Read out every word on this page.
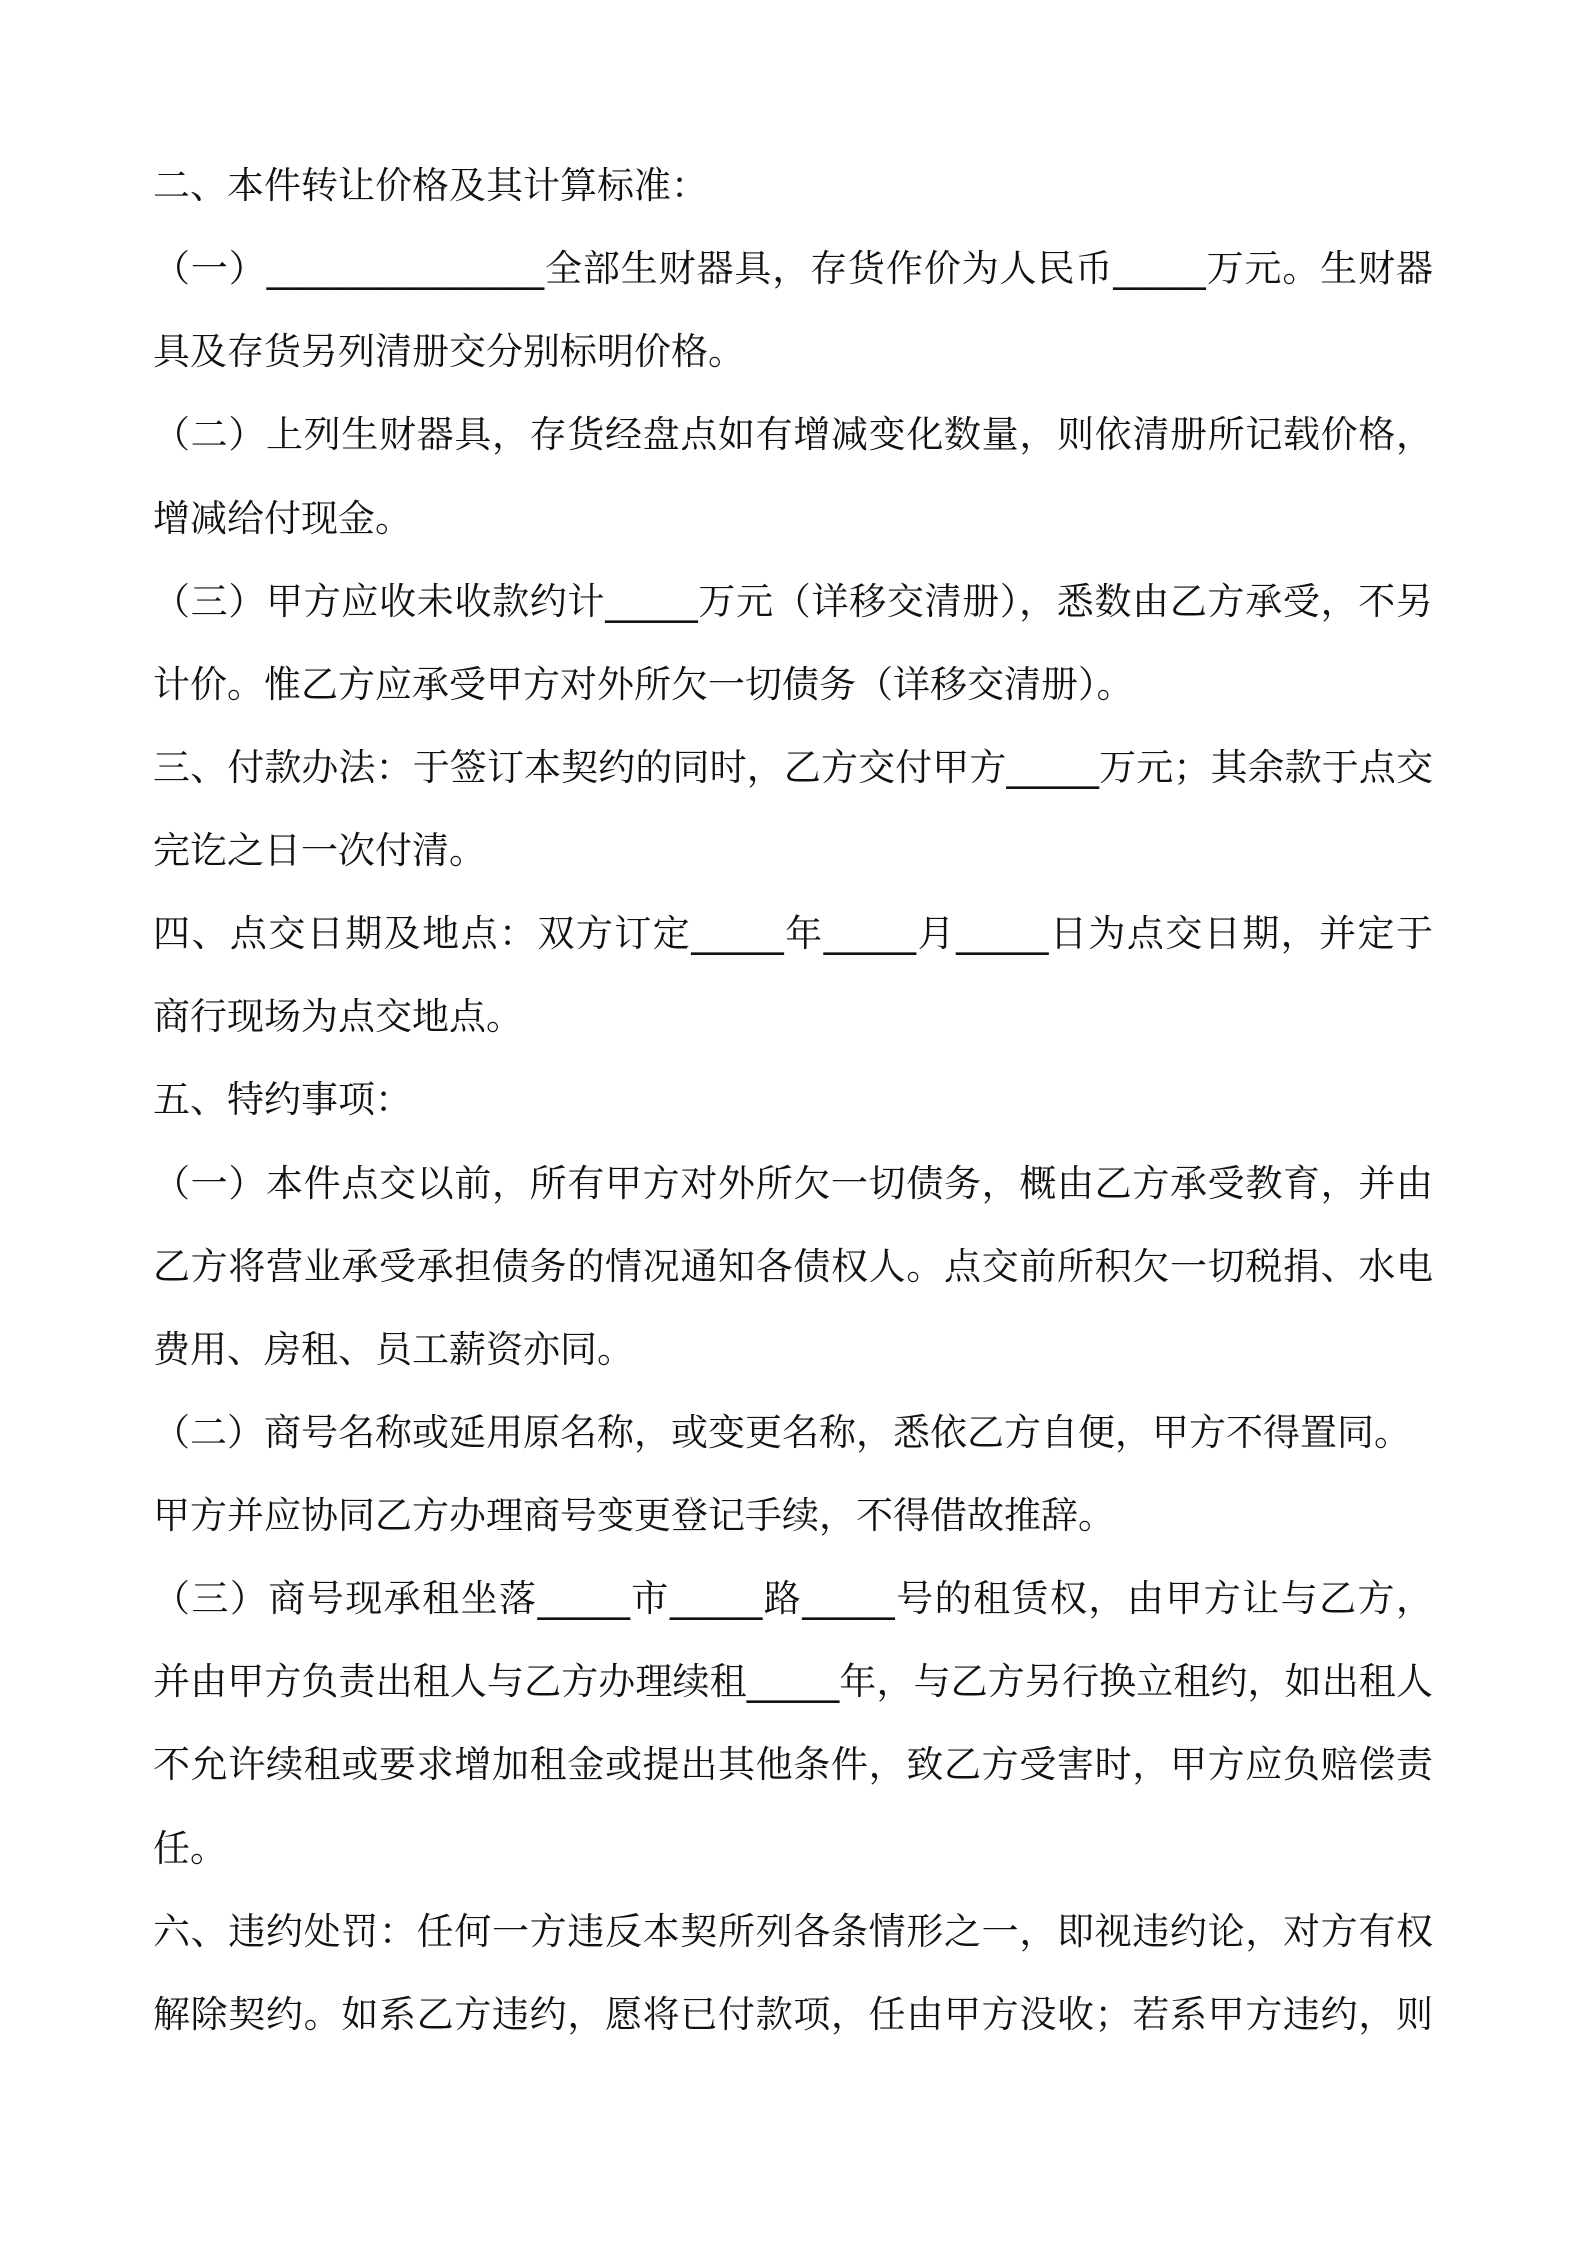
二、本件转让价格及其计算标准：
（一）_______________全部生财器具，存货作价为人民币_____万元。生财器
具及存货另列清册交分别标明价格。
（二）上列生财器具，存货经盘点如有增减变化数量，则依清册所记载价格，
增减给付现金。
（三）甲方应收未收款约计_____万元（详移交清册），悉数由乙方承受，不另
计价。惟乙方应承受甲方对外所欠一切债务（详移交清册）。
三、付款办法：于签订本契约的同时，乙方交付甲方_____万元；其余款于点交
完讫之日一次付清。
四、点交日期及地点：双方订定_____年_____月_____日为点交日期，并定于
商行现场为点交地点。
五、特约事项：
（一）本件点交以前，所有甲方对外所欠一切债务，概由乙方承受教育，并由
乙方将营业承受承担债务的情况通知各债权人。点交前所积欠一切税捐、水电
费用、房租、员工薪资亦同。
（二）商号名称或延用原名称，或变更名称，悉依乙方自便，甲方不得置同。
甲方并应协同乙方办理商号变更登记手续，不得借故推辞。
（三）商号现承租坐落_____市_____路_____号的租赁权，由甲方让与乙方，
并由甲方负责出租人与乙方办理续租_____年，与乙方另行换立租约，如出租人
不允许续租或要求增加租金或提出其他条件，致乙方受害时，甲方应负赔偿责
任。
六、违约处罚：任何一方违反本契所列各条情形之一，即视违约论，对方有权
解除契约。如系乙方违约，愿将已付款项，任由甲方没收；若系甲方违约，则
